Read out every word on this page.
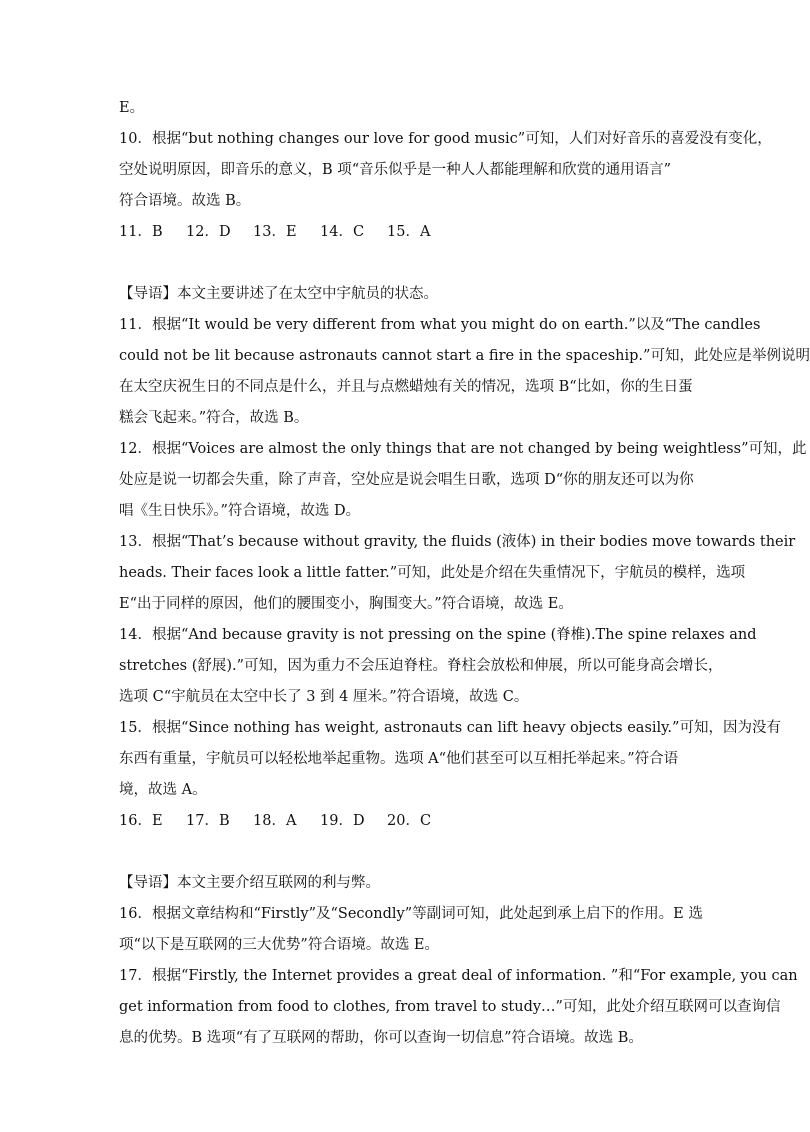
E。
10．根据“but nothing changes our love for good music”可知，人们对好音乐的喜爱没有变化，
空处说明原因，即音乐的意义，B 项“音乐似乎是一种人人都能理解和欣赏的通用语言”
符合语境。故选 B。
11．B	12．D	13．E	14．C	15．A
【导语】本文主要讲述了在太空中宇航员的状态。
11．根据“It would be very different from what you might do on earth.”以及“The candles
could not be lit because astronauts cannot start a fire in the spaceship.”可知，此处应是举例说明
在太空庆祝生日的不同点是什么，并且与点燃蜡烛有关的情况，选项 B“比如，你的生日蛋
糕会飞起来。”符合，故选 B。
12．根据“Voices are almost the only things that are not changed by being weightless”可知，此
处应是说一切都会失重，除了声音，空处应是说会唱生日歌，选项 D“你的朋友还可以为你
唱《生日快乐》。”符合语境，故选 D。
13．根据“That’s because without gravity, the fluids (液体) in their bodies move towards their
heads. Their faces look a little fatter.”可知，此处是介绍在失重情况下，宇航员的模样，选项
E“出于同样的原因，他们的腰围变小，胸围变大。”符合语境，故选 E。
14．根据“And because gravity is not pressing on the spine (脊椎).The spine relaxes and
stretches (舒展).”可知，因为重力不会压迫脊柱。脊柱会放松和伸展，所以可能身高会增长，
选项 C“宇航员在太空中长了 3 到 4 厘米。”符合语境，故选 C。
15．根据“Since nothing has weight, astronauts can lift heavy objects easily.”可知，因为没有
东西有重量，宇航员可以轻松地举起重物。选项 A“他们甚至可以互相托举起来。”符合语
境，故选 A。
16．E	17．B	18．A	19．D	20．C
【导语】本文主要介绍互联网的利与弊。
16．根据文章结构和“Firstly”及“Secondly”等副词可知，此处起到承上启下的作用。E 选
项“以下是互联网的三大优势”符合语境。故选 E。
17．根据“Firstly, the Internet provides a great deal of information. ”和“For example, you can
get information from food to clothes, from travel to study…”可知，此处介绍互联网可以查询信
息的优势。B 选项“有了互联网的帮助，你可以查询一切信息”符合语境。故选 B。
